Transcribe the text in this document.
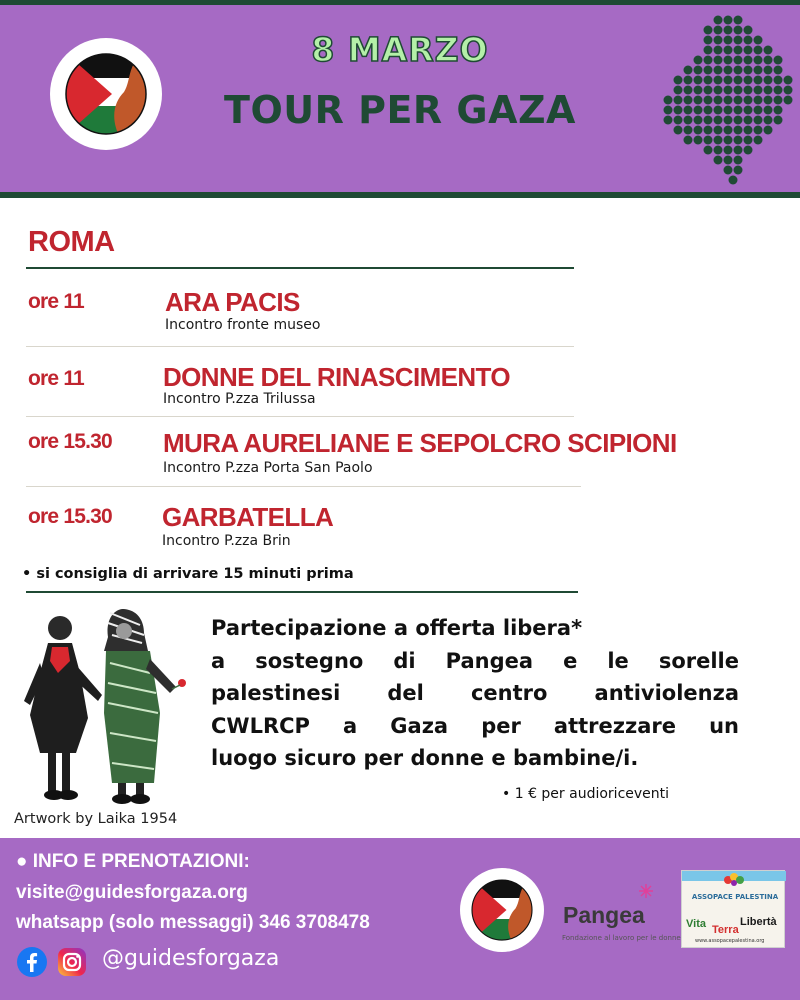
8 MARZO
TOUR PER GAZA
ROMA
ore 11	ARA PACIS
Incontro fronte museo
ore 11	DONNE DEL RINASCIMENTO
Incontro P.zza Trilussa
ore 15.30 MURA AURELIANE E SEPOLCRO SCIPIONI
Incontro P.zza Porta San Paolo
ore 15.30 GARBATELLA
Incontro P.zza Brin
• si consiglia di arrivare 15 minuti prima
Artwork by Laika 1954
Partecipazione a offerta libera*
a sostegno di Pangea e le sorelle
palestinesi del centro antiviolenza
CWLRCP a Gaza per attrezzare un
luogo sicuro per donne e bambine/i.
• 1 € per audioriceventi
● INFO E PRENOTAZIONI:
visite@guidesforgaza.org
whatsapp (solo messaggi) 346 3708478
@guidesforgaza
Pangea
Fondazione al lavoro per le donne
ASSOPACE PALESTINA
Vita Terra
Libertà
www.assopacepalestina.org
